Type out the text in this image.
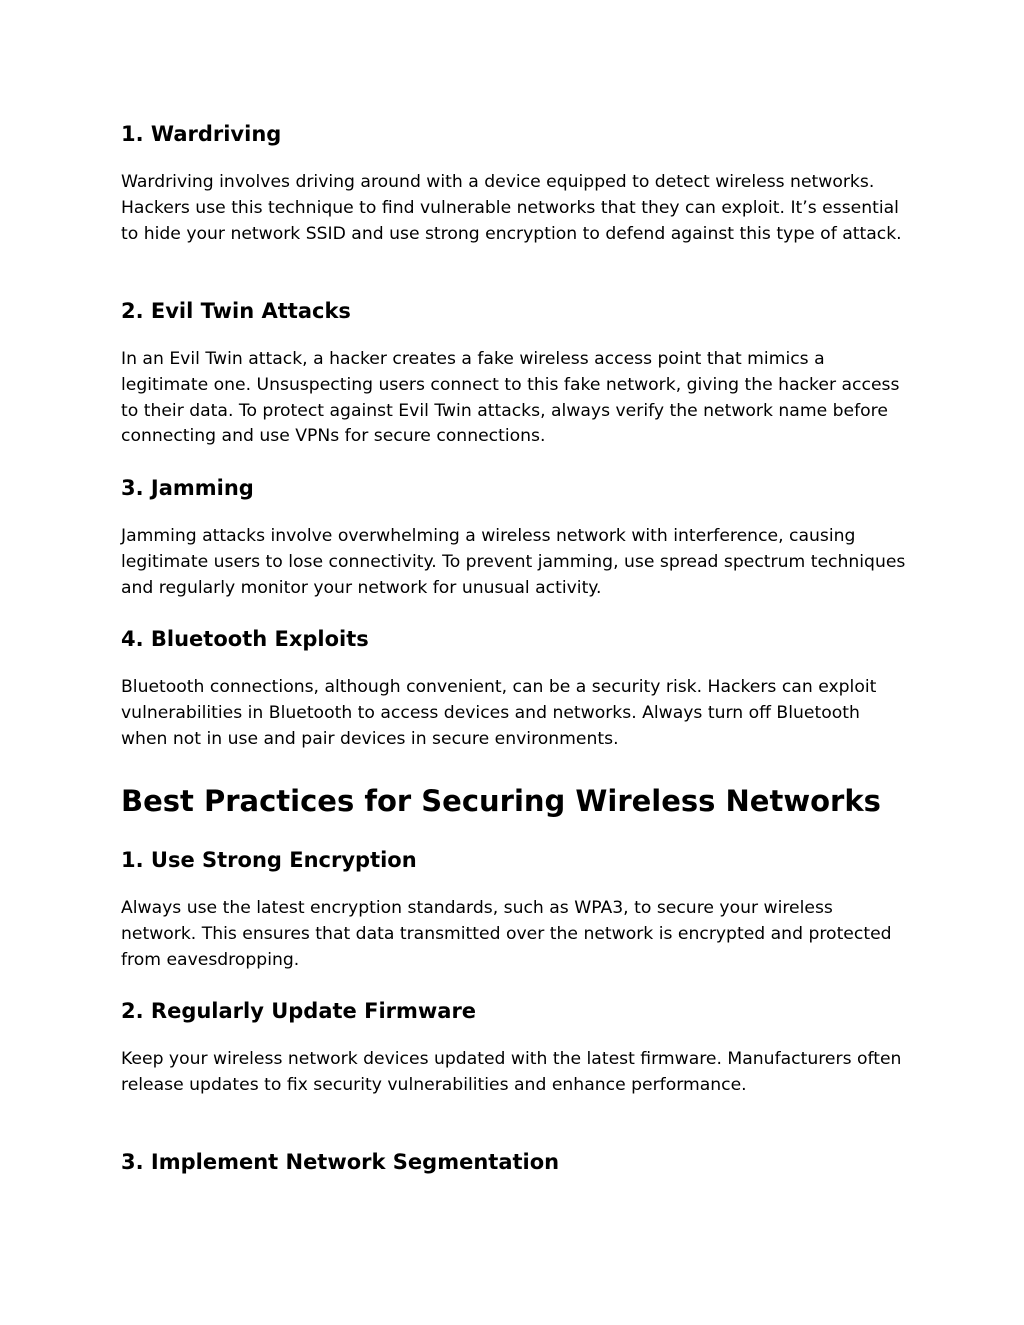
1. Wardriving

Wardriving involves driving around with a device equipped to detect wireless networks. Hackers use this technique to find vulnerable networks that they can exploit. It’s essential to hide your network SSID and use strong encryption to defend against this type of attack.

2. Evil Twin Attacks

In an Evil Twin attack, a hacker creates a fake wireless access point that mimics a legitimate one. Unsuspecting users connect to this fake network, giving the hacker access to their data. To protect against Evil Twin attacks, always verify the network name before connecting and use VPNs for secure connections.

3. Jamming

Jamming attacks involve overwhelming a wireless network with interference, causing legitimate users to lose connectivity. To prevent jamming, use spread spectrum techniques and regularly monitor your network for unusual activity.

4. Bluetooth Exploits

Bluetooth connections, although convenient, can be a security risk. Hackers can exploit vulnerabilities in Bluetooth to access devices and networks. Always turn off Bluetooth when not in use and pair devices in secure environments.

Best Practices for Securing Wireless Networks
1. Use Strong Encryption

Always use the latest encryption standards, such as WPA3, to secure your wireless network. This ensures that data transmitted over the network is encrypted and protected from eavesdropping.

2. Regularly Update Firmware

Keep your wireless network devices updated with the latest firmware. Manufacturers often release updates to fix security vulnerabilities and enhance performance.

3. Implement Network Segmentation
